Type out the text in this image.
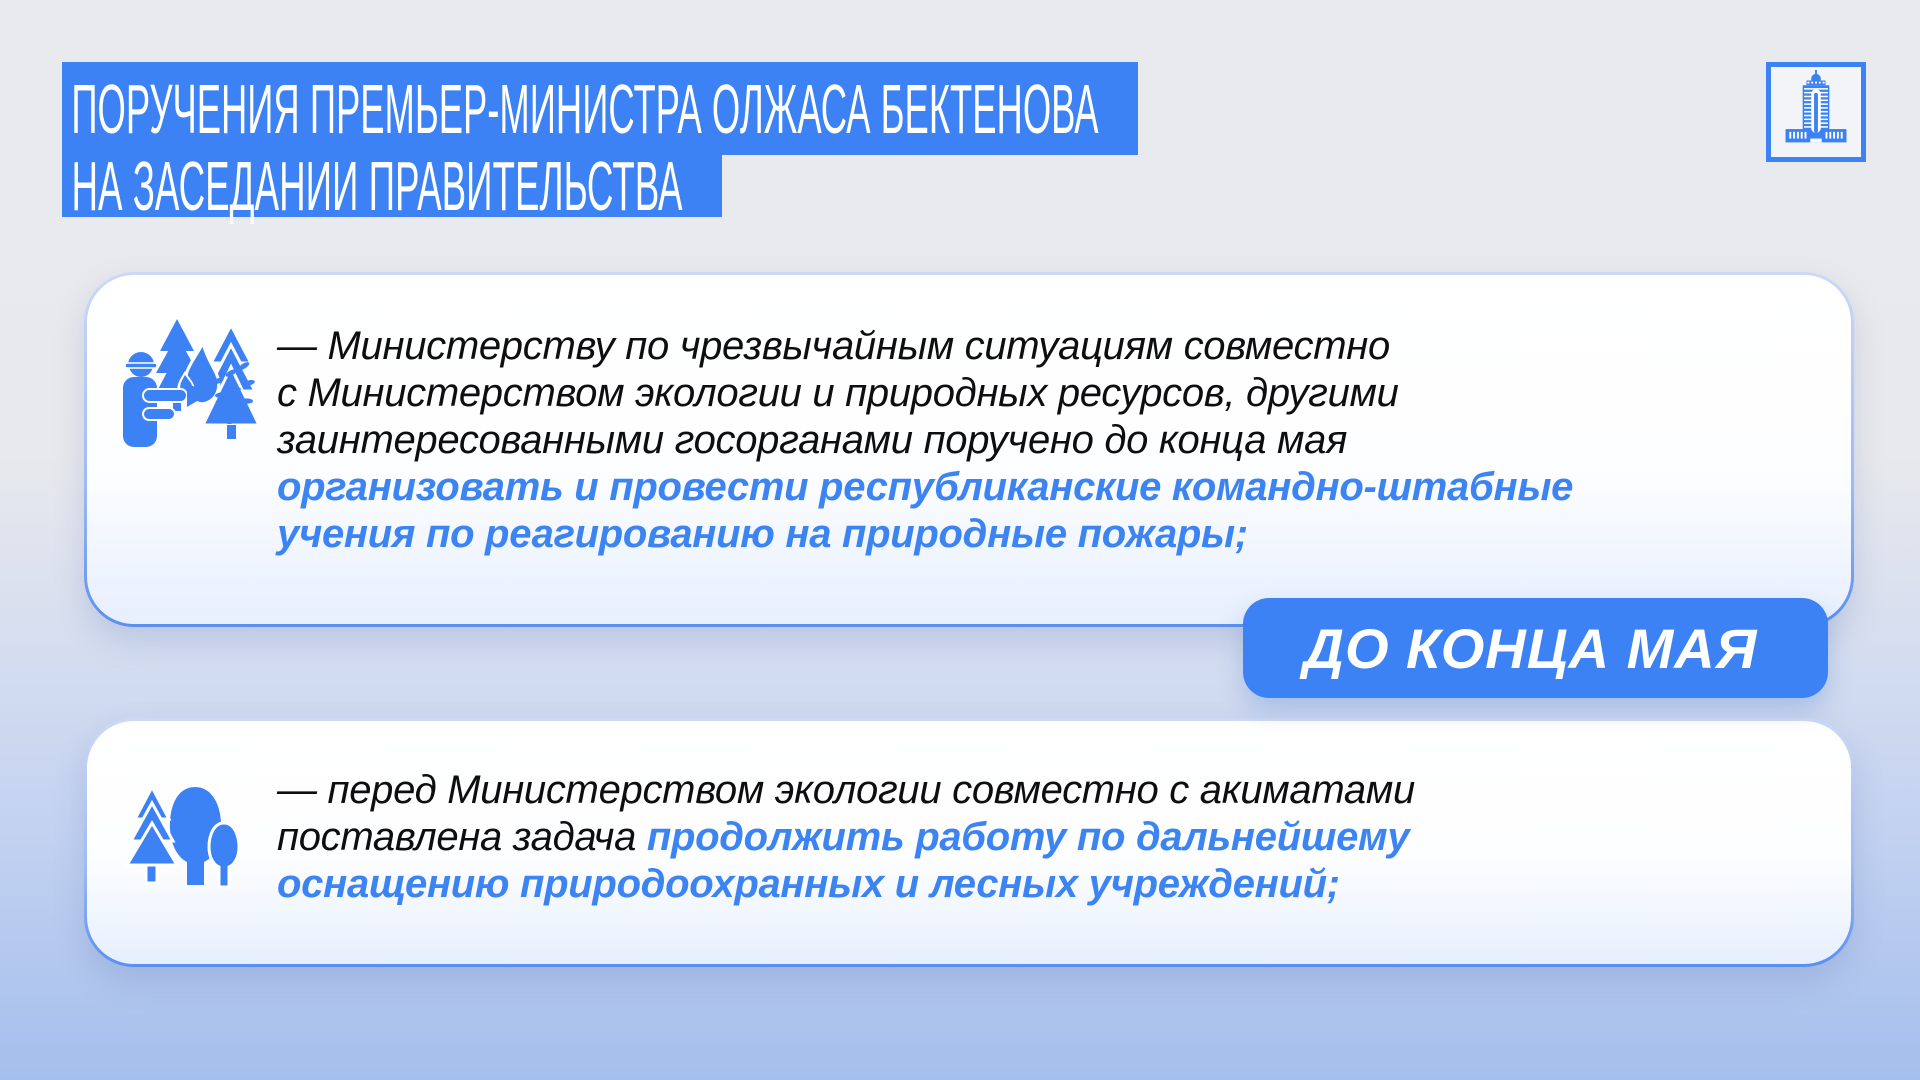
ПОРУЧЕНИЯ ПРЕМЬЕР-МИНИСТРА ОЛЖАСА БЕКТЕНОВА
НА ЗАСЕДАНИИ ПРАВИТЕЛЬСТВА
— Министерству по чрезвычайным ситуациям совместно
с Министерством экологии и природных ресурсов, другими
заинтересованными госорганами поручено до конца мая
организовать и провести республиканские командно-штабные
учения по реагированию на природные пожары;
ДО КОНЦА МАЯ
— перед Министерством экологии совместно с акиматами
поставлена задача продолжить работу по дальнейшему
оснащению природоохранных и лесных учреждений;
